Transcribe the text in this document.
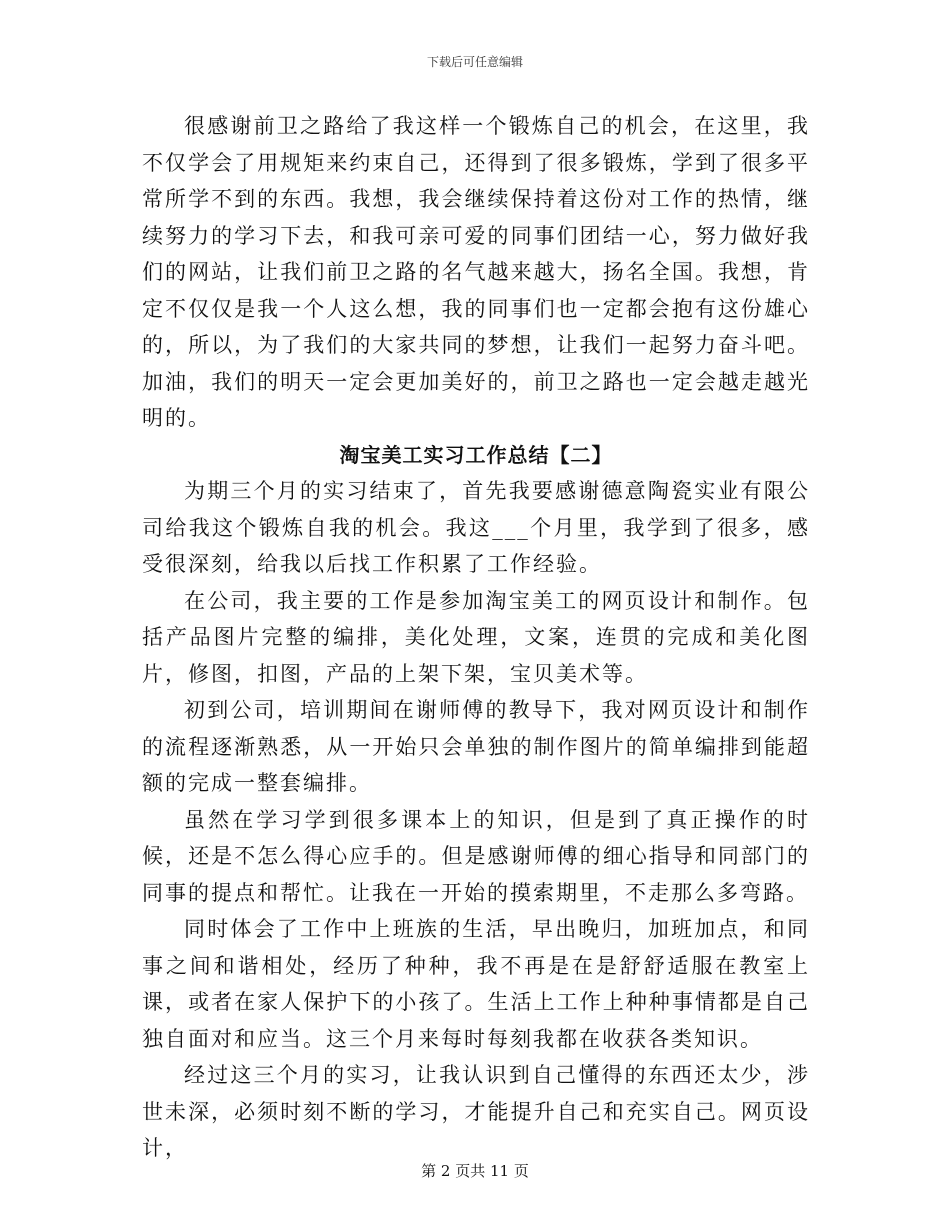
下载后可任意编辑

很感谢前卫之路给了我这样一个锻炼自己的机会，在这里，我不仅学会了用规矩来约束自己，还得到了很多锻炼，学到了很多平常所学不到的东西。我想，我会继续保持着这份对工作的热情，继续努力的学习下去，和我可亲可爱的同事们团结一心，努力做好我们的网站，让我们前卫之路的名气越来越大，扬名全国。我想，肯定不仅仅是我一个人这么想，我的同事们也一定都会抱有这份雄心的，所以，为了我们的大家共同的梦想，让我们一起努力奋斗吧。加油，我们的明天一定会更加美好的，前卫之路也一定会越走越光明的。

淘宝美工实习工作总结【二】

为期三个月的实习结束了，首先我要感谢德意陶瓷实业有限公司给我这个锻炼自我的机会。我这___个月里，我学到了很多，感受很深刻，给我以后找工作积累了工作经验。

在公司，我主要的工作是参加淘宝美工的网页设计和制作。包括产品图片完整的编排，美化处理，文案，连贯的完成和美化图片，修图，扣图，产品的上架下架，宝贝美术等。

初到公司，培训期间在谢师傅的教导下，我对网页设计和制作的流程逐渐熟悉，从一开始只会单独的制作图片的简单编排到能超额的完成一整套编排。

虽然在学习学到很多课本上的知识，但是到了真正操作的时候，还是不怎么得心应手的。但是感谢师傅的细心指导和同部门的同事的提点和帮忙。让我在一开始的摸索期里，不走那么多弯路。

同时体会了工作中上班族的生活，早出晚归，加班加点，和同事之间和谐相处，经历了种种，我不再是在是舒舒适服在教室上课，或者在家人保护下的小孩了。生活上工作上种种事情都是自己独自面对和应当。这三个月来每时每刻我都在收获各类知识。

经过这三个月的实习，让我认识到自己懂得的东西还太少，涉世未深，必须时刻不断的学习，才能提升自己和充实自己。网页设计，

第 2 页共 11 页
